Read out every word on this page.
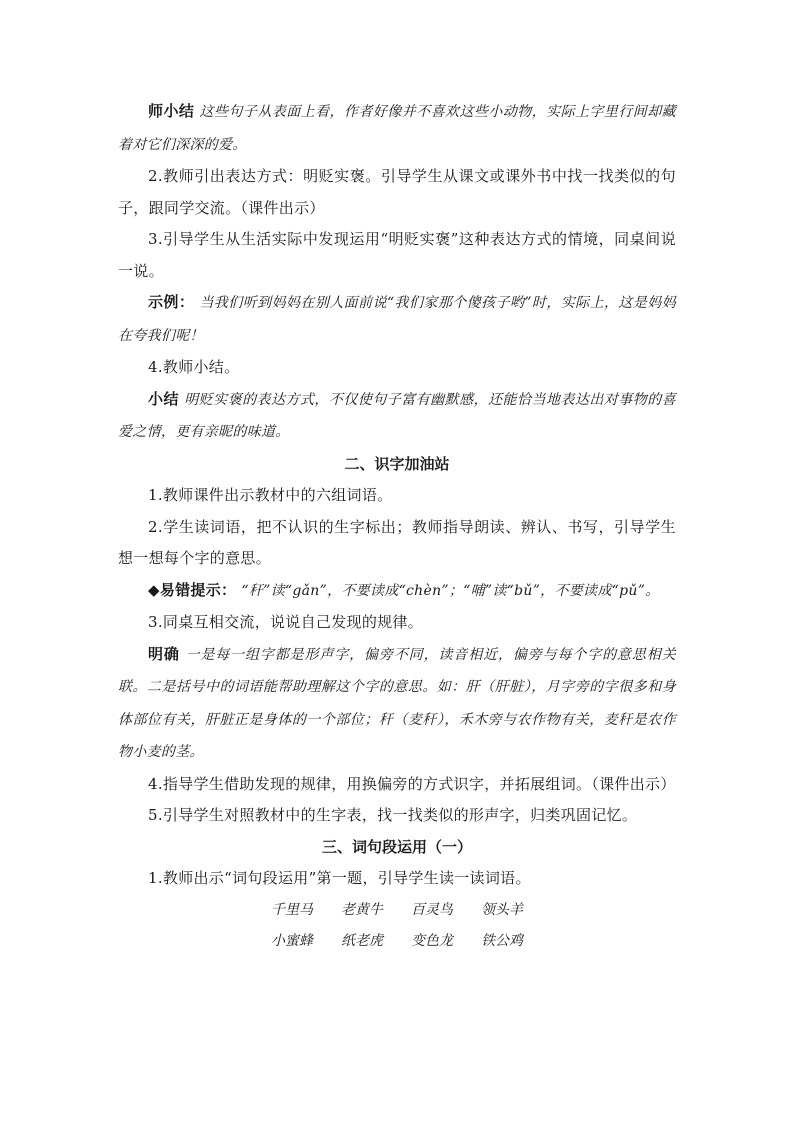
师小结 这些句子从表面上看，作者好像并不喜欢这些小动物，实际上字里行间却藏着对它们深深的爱。

2.教师引出表达方式：明贬实褒。引导学生从课文或课外书中找一找类似的句子，跟同学交流。（课件出示）

3.引导学生从生活实际中发现运用“明贬实褒”这种表达方式的情境，同桌间说一说。

示例： 当我们听到妈妈在别人面前说“我们家那个傻孩子哟”时，实际上，这是妈妈在夸我们呢！

4.教师小结。

小结 明贬实褒的表达方式，不仅使句子富有幽默感，还能恰当地表达出对事物的喜爱之情，更有亲昵的味道。

二、识字加油站

1.教师课件出示教材中的六组词语。

2.学生读词语，把不认识的生字标出；教师指导朗读、辨认、书写，引导学生想一想每个字的意思。

◆易错提示： “秆”读“gǎn”，不要读成“chèn”；“哺”读“bǔ”，不要读成“pǔ”。

3.同桌互相交流，说说自己发现的规律。

明确 一是每一组字都是形声字，偏旁不同，读音相近，偏旁与每个字的意思相关联。二是括号中的词语能帮助理解这个字的意思。如：肝（肝脏），月字旁的字很多和身体部位有关，肝脏正是身体的一个部位；秆（麦秆），禾木旁与农作物有关，麦秆是农作物小麦的茎。

4.指导学生借助发现的规律，用换偏旁的方式识字，并拓展组词。（课件出示）

5.引导学生对照教材中的生字表，找一找类似的形声字，归类巩固记忆。

三、词句段运用（一）

1.教师出示“词句段运用”第一题，引导学生读一读词语。

千里马 老黄牛 百灵鸟 领头羊
小蜜蜂 纸老虎 变色龙 铁公鸡
